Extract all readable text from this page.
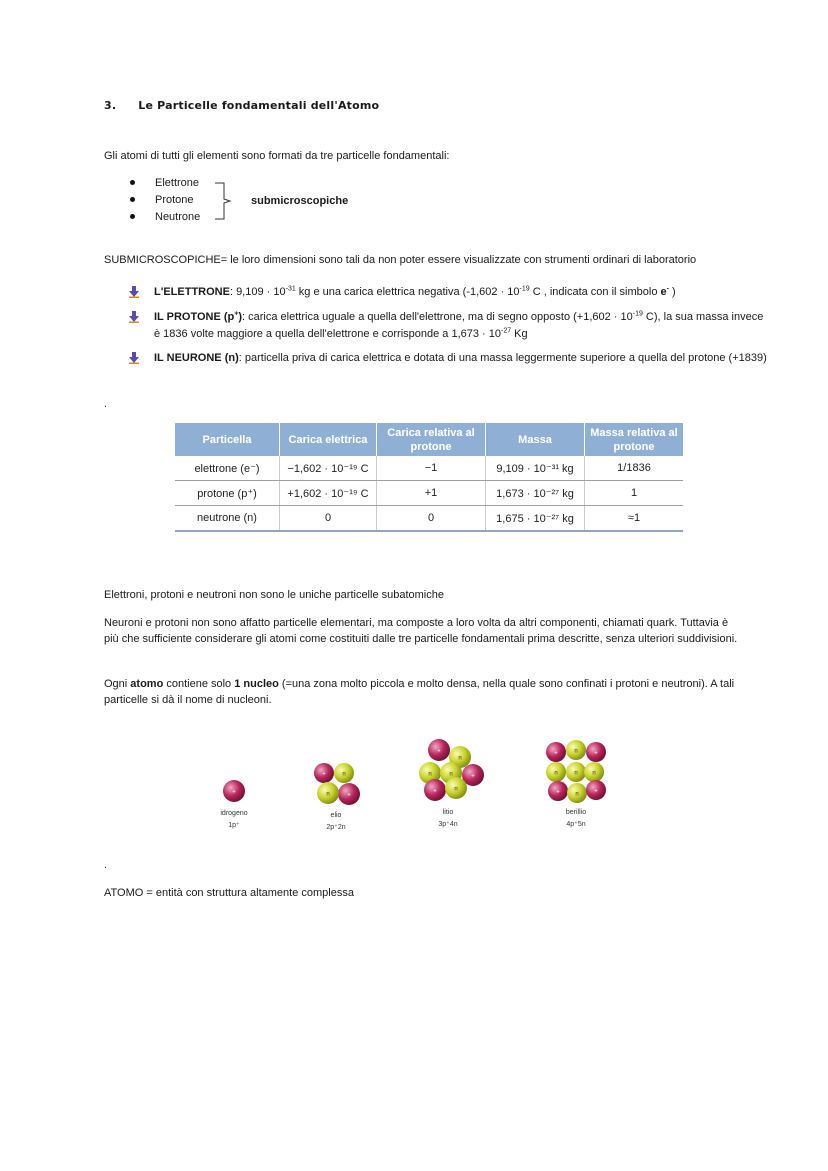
3. Le Particelle fondamentali dell'Atomo
Gli atomi di tutti gli elementi sono formati da tre particelle fondamentali:
Elettrone
Protone
Neutrone
submicroscopiche
SUBMICROSCOPICHE= le loro dimensioni sono tali da non poter essere visualizzate con strumenti ordinari di laboratorio
L'ELETTRONE: $9,109 \cdot 10^{-31}$ kg e una carica elettrica negativa ($-1,602 \cdot 10^{-19}$ C , indicata con il simbolo e- )
IL PROTONE (p+): carica elettrica uguale a quella dell'elettrone, ma di segno opposto ($+1,602 \cdot 10^{-19}$ C), la sua massa invece è 1836 volte maggiore a quella dell'elettrone e corrisponde a $1,673 \cdot 10^{-27}$ Kg
IL NEURONE (n): particella priva di carica elettrica e dotata di una massa leggermente superiore a quella del protone (+1839)
.
Particella	Carica elettrica	Carica relativa al protone	Massa	Massa relativa al protone
elettrone (e⁻)	−1,602 · 10⁻¹⁹ C	−1	9,109 · 10⁻³¹ kg	1/1836
protone (p⁺)	+1,602 · 10⁻¹⁹ C	+1	1,673 · 10⁻²⁷ kg	1
neutrone (n)	0	0	1,675 · 10⁻²⁷ kg	≈1
Elettroni, protoni e neutroni non sono le uniche particelle subatomiche
Neuroni e protoni non sono affatto particelle elementari, ma composte a loro volta da altri componenti, chiamati quark. Tuttavia è più che sufficiente considerare gli atomi come costituiti dalle tre particelle fondamentali prima descritte, senza ulteriori suddivisioni.
Ogni atomo contiene solo 1 nucleo (=una zona molto piccola e molto densa, nella quale sono confinati i protoni e neutroni). A tali particelle si dà il nome di nucleoni.
+
+	n
+
n
+
n
n	n	+
+	n
+	n	+
n	n n
+	n	+
idrogeno
1p⁺
elio
2p⁺2n
litio
3p⁺4n
berillio
4p⁺5n
.
ATOMO = entità con struttura altamente complessa
